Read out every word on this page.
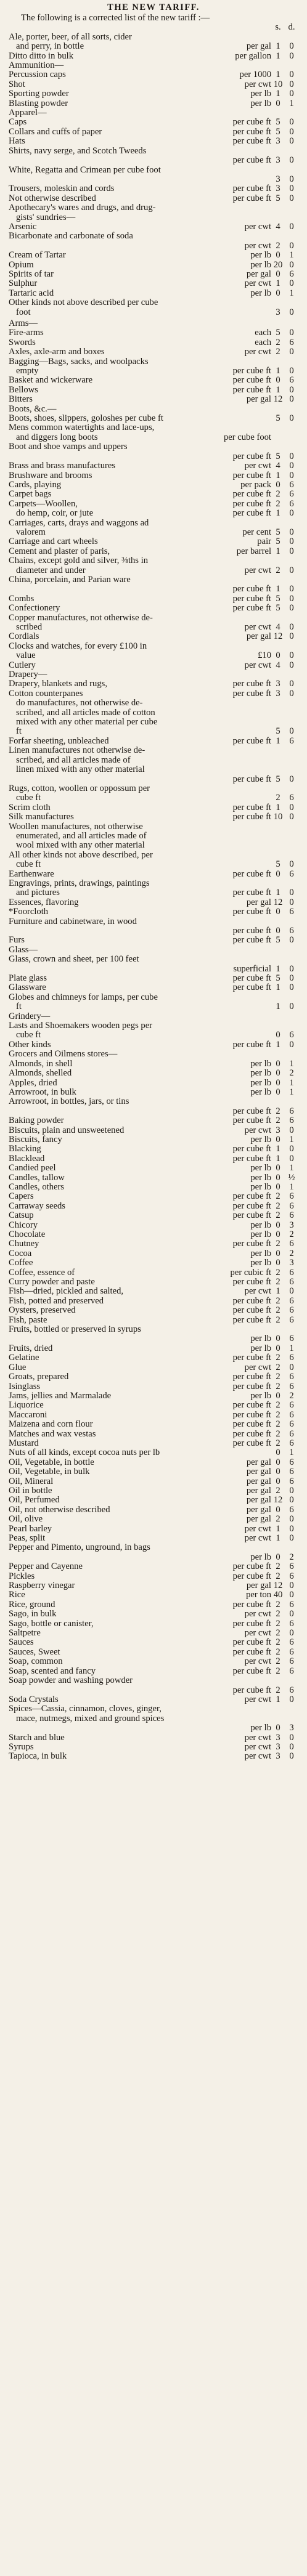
THE NEW TARIFF.
The following is a corrected list of the new tariff :—
s. d.
Ale, porter, beer, of all sorts, cider
and perry, in bottle	per gal 1	0
Ditto ditto in bulk	per gallon 1	0
Ammunition—
Percussion caps	per 1000 1	0
Shot	per cwt 10 0
Sporting powder	per lb 1	0
Blasting powder	per lb 0	1
Apparel—
Caps	per cube ft 5	0
Collars and cuffs of paper	per cube ft 5	0
Hats	per cube ft 3	0
Shirts, navy serge, and Scotch Tweeds
per cube ft 3	0
White, Regatta and Crimean per cube foot
3	0
Trousers, moleskin and cords	per cube ft 3	0
Not otherwise described	per cube ft 5	0
Apothecary's wares and drugs, and drug-
gists' sundries—
Arsenic	per cwt 4	0
Bicarbonate and carbonate of soda
per cwt 2	0
Cream of Tartar	per lb 0	1
Opium	per lb 20 0
Spirits of tar	per gal 0	6
Sulphur	per cwt 1	0
Tartaric acid	per lb 0	1
Other kinds not above described per cube
foot	3	0
Arms—
Fire-arms	each 5	0
Swords	each 2	6
Axles, axle-arm and boxes	per cwt 2	0
Bagging—Bags, sacks, and woolpacks
empty	per cube ft 1	0
Basket and wickerware	per cube ft 0	6
Bellows	per cube ft 1	0
Bitters	per gal 12 0
Boots, &c.—
Boots, shoes, slippers, goloshes per cube ft	5	0
Mens common watertights and lace-ups,
and diggers long boots	per cube foot
Boot and shoe vamps and uppers
per cube ft 5	0
Brass and brass manufactures	per cwt 4	0
Brushware and brooms	per cube ft 1	0
Cards, playing	per pack 0	6
Carpet bags	per cube ft 2	6
Carpets—Woollen,	per cube ft 2	6
do hemp, coir, or jute	per cube ft 1	0
Carriages, carts, drays and waggons ad
valorem	per cent 5	0
Carriage and cart wheels	pair 5	0
Cement and plaster of paris,	per barrel 1	0
Chains, except gold and silver, ⅜ths in
diameter and under	per cwt 2	0
China, porcelain, and Parian ware
per cube ft 1	0
Combs	per cube ft 5	0
Confectionery	per cube ft 5	0
Copper manufactures, not otherwise de-
scribed	per cwt 4	0
Cordials	per gal 12 0
Clocks and watches, for every £100 in
value	£10 0	0
Cutlery	per cwt 4	0
Drapery—
Drapery, blankets and rugs,	per cube ft 3	0
Cotton counterpanes	per cube ft 3	0
do manufactures, not otherwise de-
scribed, and all articles made of cotton
mixed with any other material per cube
ft	5	0
Forfar sheeting, unbleached	per cube ft 1	6
Linen manufactures not otherwise de-
scribed, and all articles made of
linen mixed with any other material
per cube ft 5	0
Rugs, cotton, woollen or oppossum per
cube ft	2	6
Scrim cloth	per cube ft 1	0
Silk manufactures	per cube ft 10 0
Woollen manufactures, not otherwise
enumerated, and all articles made of
wool mixed with any other material
All other kinds not above described, per
cube ft	5	0
Earthenware	per cube ft 0	6
Engravings, prints, drawings, paintings
and pictures	per cube ft 1	0
Essences, flavoring	per gal 12 0
*Foorcloth	per cube ft 0	6
Furniture and cabinetware, in wood
per cube ft 0	6
Furs	per cube ft 5	0
Glass—
Glass, crown and sheet, per 100 feet
superficial 1	0
Plate glass	per cube ft 5	0
Glassware	per cube ft 1	0
Globes and chimneys for lamps, per cube
ft	1	0
Grindery—
Lasts and Shoemakers wooden pegs per
cube ft	0	6
Other kinds	per cube ft 1	0
Grocers and Oilmens stores—
Almonds, in shell	per lb 0	1
Almonds, shelled	per lb 0	2
Apples, dried	per lb 0	1
Arrowroot, in bulk	per lb 0	1
Arrowroot, in bottles, jars, or tins
per cube ft 2	6
Baking powder	per cube ft 2	6
Biscuits, plain and unsweetened	per cwt 3	0
Biscuits, fancy	per lb 0	1
Blacking	per cube ft 1	0
Blacklead	per cube ft 1	0
Candied peel	per lb 0	1
Candles, tallow	per lb 0 ½
Candles, others	per lb 0	1
Capers	per cube ft 2	6
Carraway seeds	per cube ft 2	6
Catsup	per cube ft 2	6
Chicory	per lb 0	3
Chocolate	per lb 0	2
Chutney	per cube ft 2	6
Cocoa	per lb 0	2
Coffee	per lb 0	3
Coffee, essence of	per cubic ft 2	6
Curry powder and paste	per cube ft 2	6
Fish—dried, pickled and salted,	per cwt 1	0
Fish, potted and preserved	per cube ft 2	6
Oysters, preserved	per cube ft 2	6
Fish, paste	per cube ft 2	6
Fruits, bottled or preserved in syrups
per lb 0	6
Fruits, dried	per lb 0	1
Gelatine	per cube ft 2	6
Glue	per cwt 2	0
Groats, prepared	per cube ft 2	6
Isinglass	per cube ft 2	6
Jams, jellies and Marmalade	per lb 0	2
Liquorice	per cube ft 2	6
Maccaroni	per cube ft 2	6
Maizena and corn flour	per cube ft 2	6
Matches and wax vestas	per cube ft 2	6
Mustard	per cube ft 2	6
Nuts of all kinds, except cocoa nuts per lb	0	1
Oil, Vegetable, in bottle	per gal 0	6
Oil, Vegetable, in bulk	per gal 0	6
Oil, Mineral	per gal 0	6
Oil in bottle	per gal 2	0
Oil, Perfumed	per gal 12 0
Oil, not otherwise described	per gal 0	6
Oil, olive	per gal 2	0
Pearl barley	per cwt 1	0
Peas, split	per cwt 1	0
Pepper and Pimento, unground, in bags
per lb 0	2
Pepper and Cayenne	per cube ft 2	6
Pickles	per cube ft 2	6
Raspberry vinegar	per gal 12 0
Rice	per ton 40 0
Rice, ground	per cube ft 2	6
Sago, in bulk	per cwt 2	0
Sago, bottle or canister,	per cube ft 2	6
Saltpetre	per cwt 2	0
Sauces	per cube ft 2	6
Sauces, Sweet	per cube ft 2	6
Soap, common	per cwt 2	6
Soap, scented and fancy	per cube ft 2	6
Soap powder and washing powder
per cube ft 2	6
Soda Crystals	per cwt 1	0
Spices—Cassia, cinnamon, cloves, ginger,
mace, nutmegs, mixed and ground spices
per lb 0	3
Starch and blue	per cwt 3	0
Syrups	per cwt 3	0
Tapioca, in bulk	per cwt 3	0
